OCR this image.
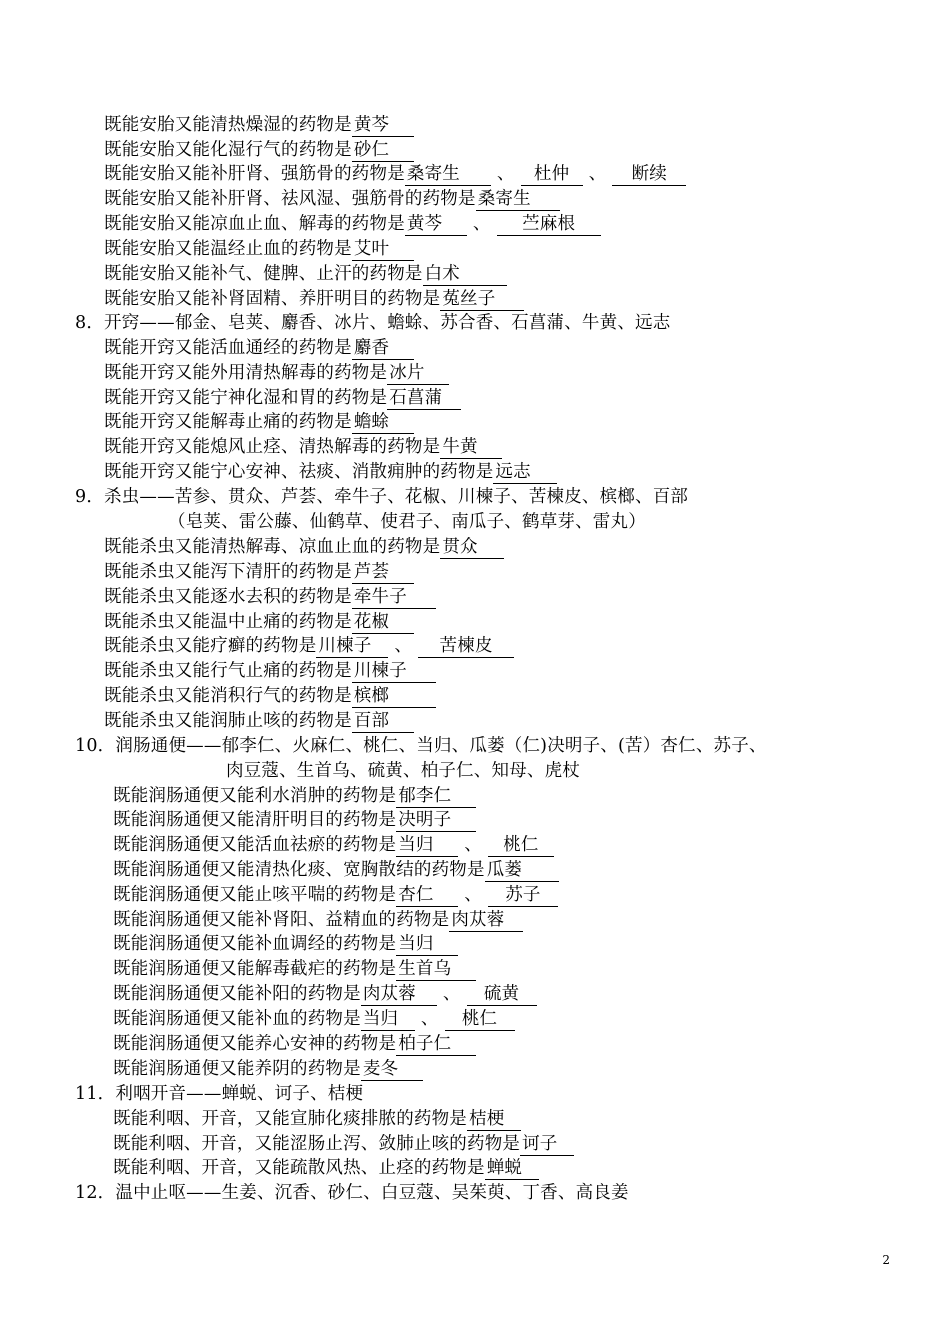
既能安胎又能清热燥湿的药物是 黄芩
既能安胎又能化湿行气的药物是 砂仁
既能安胎又能补肝肾、强筋骨的药物是 桑寄生 、 杜仲 、 断续
既能安胎又能补肝肾、祛风湿、强筋骨的药物是 桑寄生
既能安胎又能凉血止血、解毒的药物是 黄芩 、 苎麻根
既能安胎又能温经止血的药物是 艾叶
既能安胎又能补气、健脾、止汗的药物是 白术
既能安胎又能补肾固精、养肝明目的药物是 菟丝子
8．开窍——郁金、皂荚、麝香、冰片、蟾蜍、苏合香、石菖蒲、牛黄、远志
既能开窍又能活血通经的药物是 麝香
既能开窍又能外用清热解毒的药物是 冰片
既能开窍又能宁神化湿和胃的药物是 石菖蒲
既能开窍又能解毒止痛的药物是 蟾蜍
既能开窍又能熄风止痉、清热解毒的药物是 牛黄
既能开窍又能宁心安神、祛痰、消散痈肿的药物是 远志
9．杀虫——苦参、贯众、芦荟、牵牛子、花椒、川楝子、苦楝皮、槟榔、百部
（皂荚、雷公藤、仙鹤草、使君子、南瓜子、鹤草芽、雷丸）
既能杀虫又能清热解毒、凉血止血的药物是 贯众
既能杀虫又能泻下清肝的药物是 芦荟
既能杀虫又能逐水去积的药物是 牵牛子
既能杀虫又能温中止痛的药物是 花椒
既能杀虫又能疗癣的药物是 川楝子 、 苦楝皮
既能杀虫又能行气止痛的药物是 川楝子
既能杀虫又能消积行气的药物是 槟榔
既能杀虫又能润肺止咳的药物是 百部
10．润肠通便——郁李仁、火麻仁、桃仁、当归、瓜蒌（仁)决明子、(苦）杏仁、苏子、
肉豆蔻、生首乌、硫黄、柏子仁、知母、虎杖
既能润肠通便又能利水消肿的药物是 郁李仁
既能润肠通便又能清肝明目的药物是 决明子
既能润肠通便又能活血祛瘀的药物是 当归 、 桃仁
既能润肠通便又能清热化痰、宽胸散结的药物是 瓜蒌
既能润肠通便又能止咳平喘的药物是 杏仁 、 苏子
既能润肠通便又能补肾阳、益精血的药物是 肉苁蓉
既能润肠通便又能补血调经的药物是 当归
既能润肠通便又能解毒截疟的药物是 生首乌
既能润肠通便又能补阳的药物是 肉苁蓉 、 硫黄
既能润肠通便又能补血的药物是 当归 、 桃仁
既能润肠通便又能养心安神的药物是 柏子仁
既能润肠通便又能养阴的药物是 麦冬
11．利咽开音——蝉蜕、诃子、桔梗
既能利咽、开音，又能宣肺化痰排脓的药物是 桔梗
既能利咽、开音，又能涩肠止泻、敛肺止咳的药物是 诃子
既能利咽、开音，又能疏散风热、止痉的药物是 蝉蜕
12．温中止呕——生姜、沉香、砂仁、白豆蔻、吴茱萸、丁香、高良姜
2
